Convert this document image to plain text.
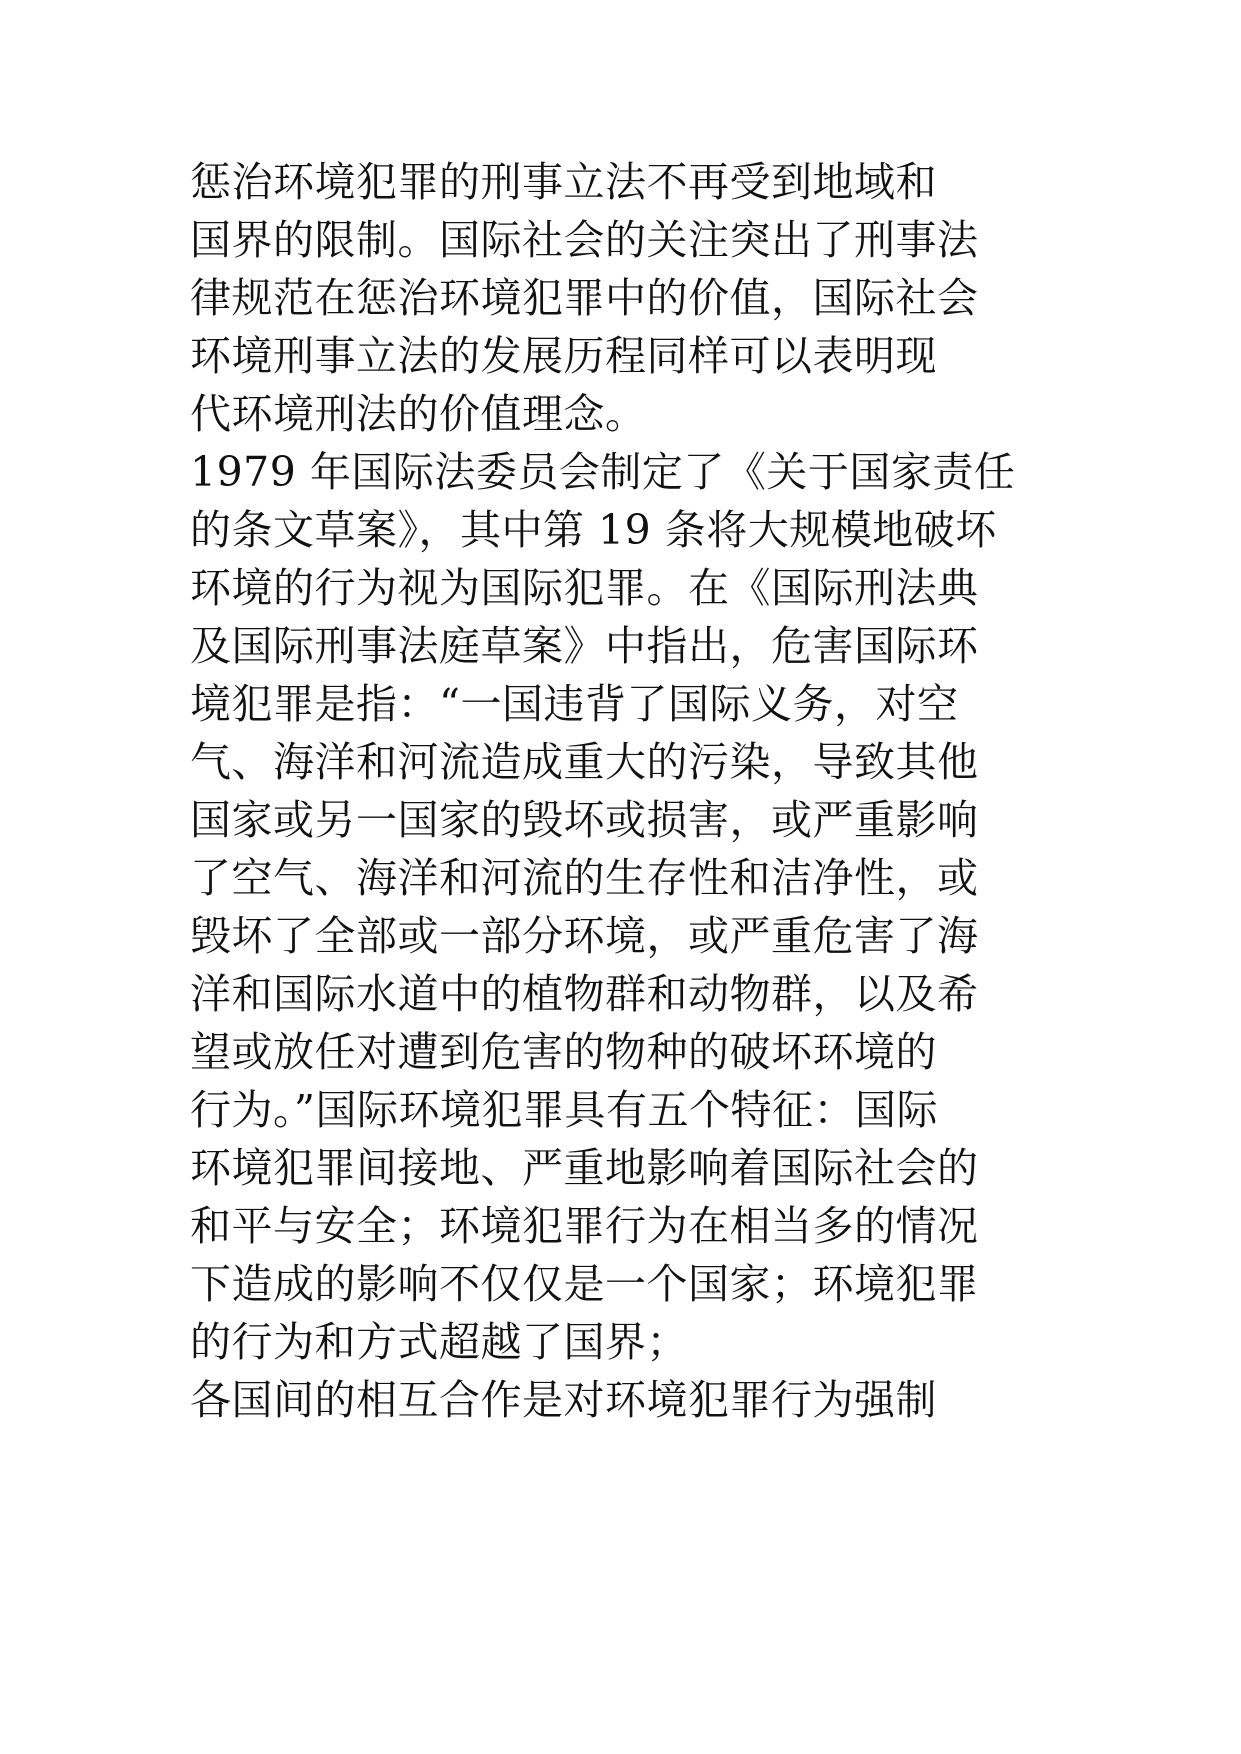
惩治环境犯罪的刑事立法不再受到地域和
国界的限制。国际社会的关注突出了刑事法
律规范在惩治环境犯罪中的价值，国际社会
环境刑事立法的发展历程同样可以表明现
代环境刑法的价值理念。
1979 年国际法委员会制定了《关于国家责任
的条文草案》，其中第 19 条将大规模地破坏
环境的行为视为国际犯罪。在《国际刑法典
及国际刑事法庭草案》中指出，危害国际环
境犯罪是指：“一国违背了国际义务，对空
气、海洋和河流造成重大的污染，导致其他
国家或另一国家的毁坏或损害，或严重影响
了空气、海洋和河流的生存性和洁净性，或
毁坏了全部或一部分环境，或严重危害了海
洋和国际水道中的植物群和动物群，以及希
望或放任对遭到危害的物种的破坏环境的
行为。”国际环境犯罪具有五个特征：国际
环境犯罪间接地、严重地影响着国际社会的
和平与安全；环境犯罪行为在相当多的情况
下造成的影响不仅仅是一个国家；环境犯罪
的行为和方式超越了国界；
各国间的相互合作是对环境犯罪行为强制
